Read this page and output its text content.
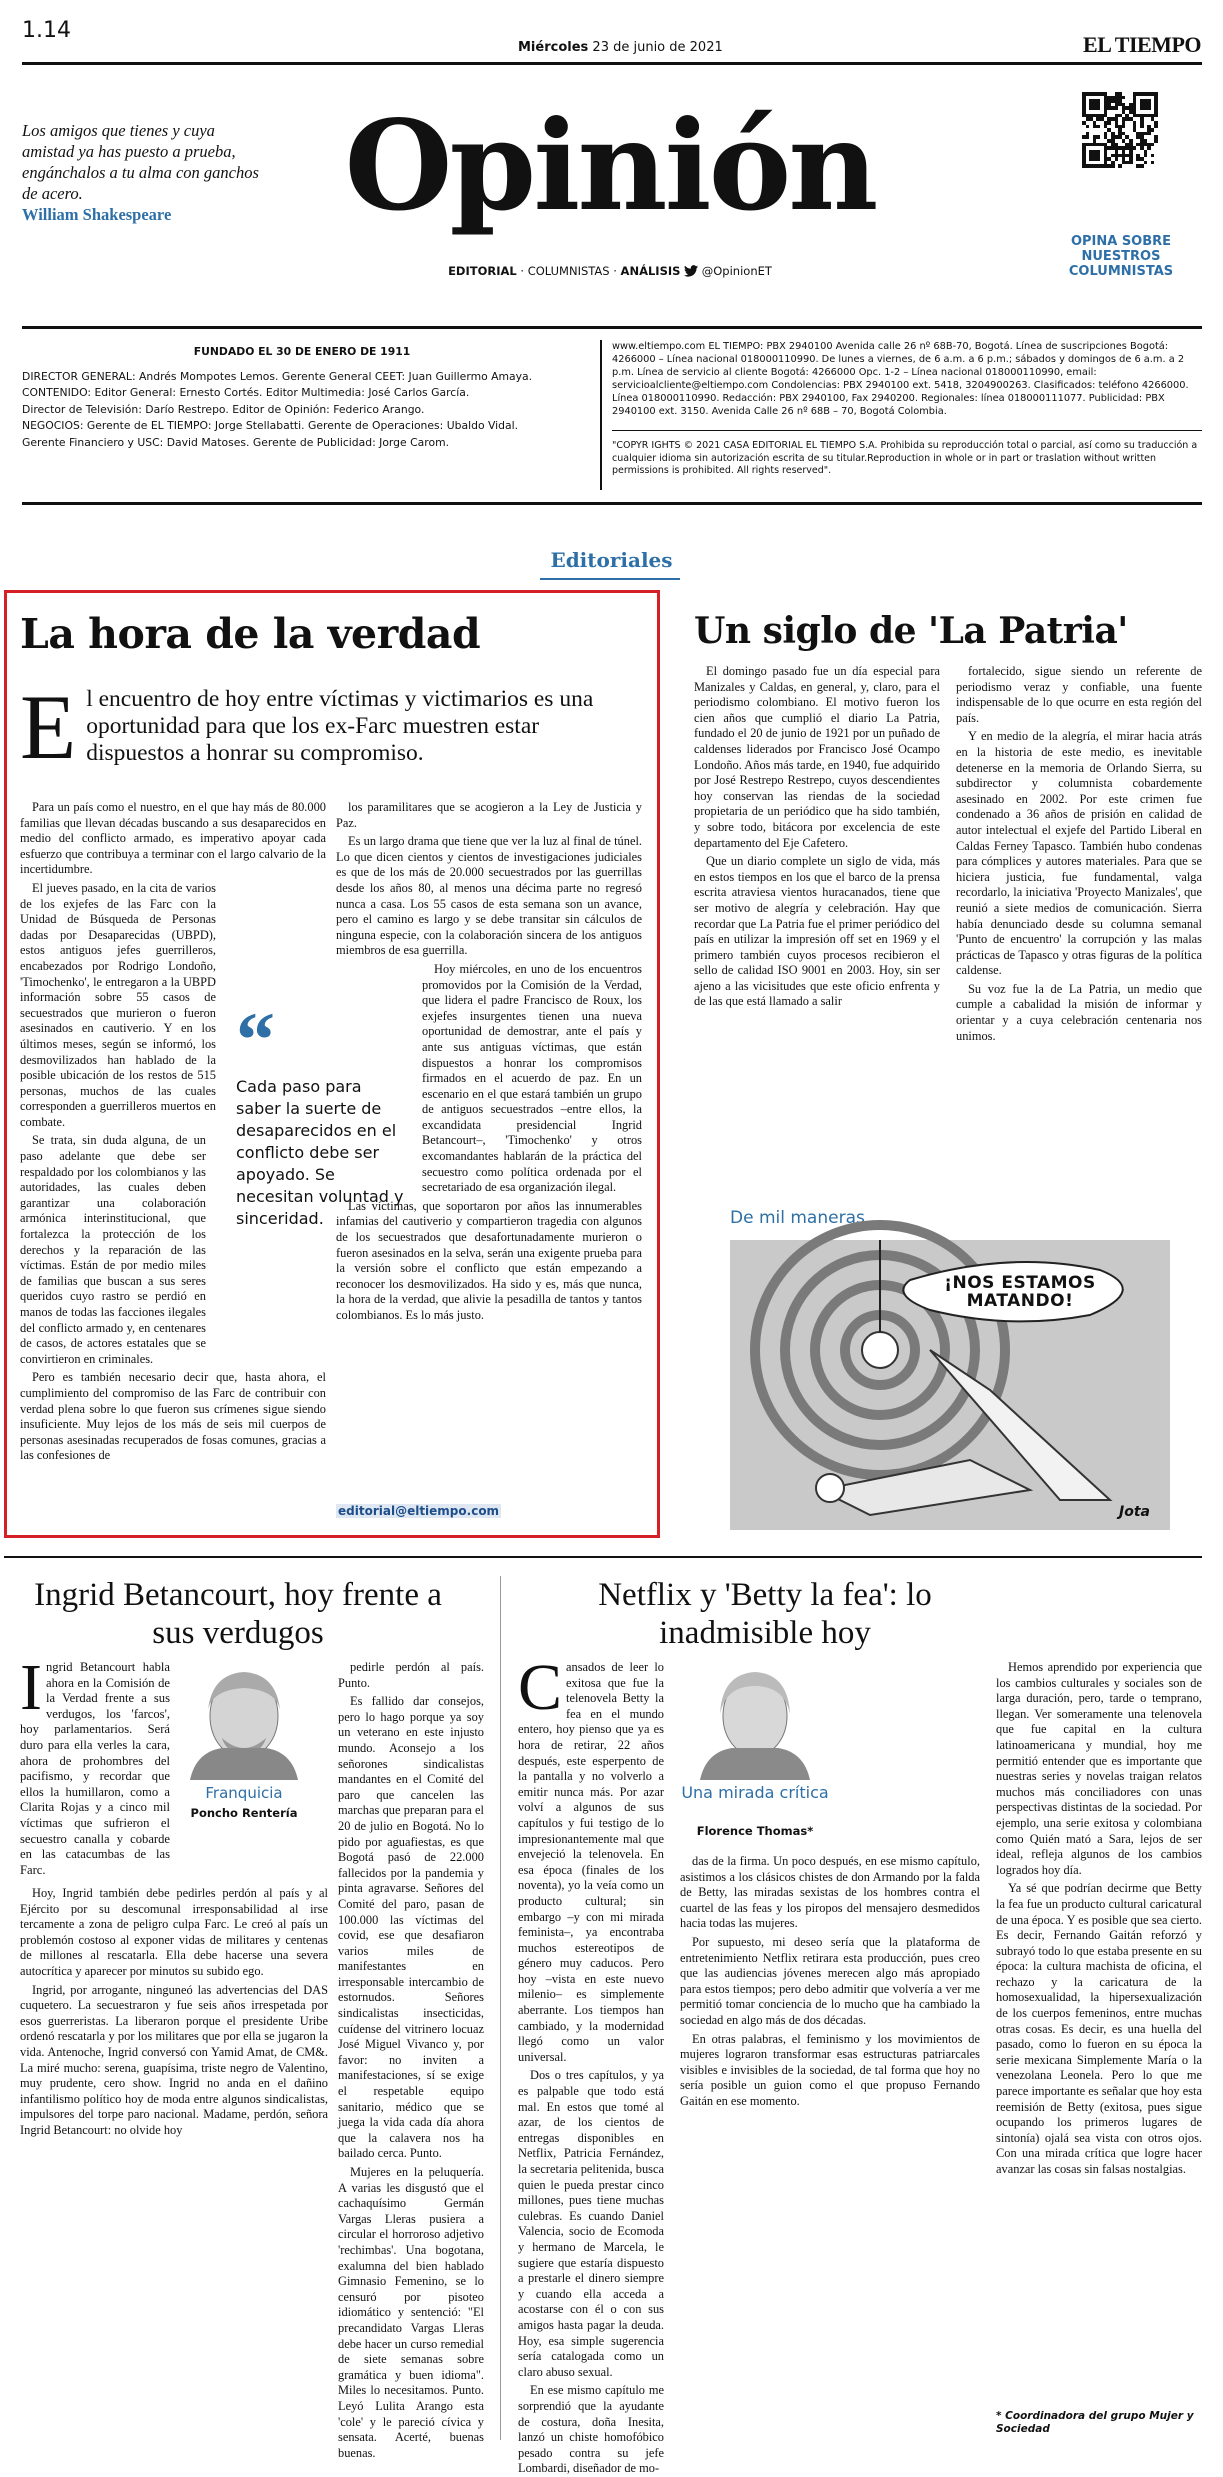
1.14
Miércoles 23 de junio de 2021	EL TIEMPO
Los amigos que tienes y cuya amistad ya has puesto a prueba, engánchalos a tu alma con ganchos de acero.
William Shakespeare	Opinión
EDITORIAL · COLUMNISTAS · ANÁLISIS @OpinionET
OPINA SOBRE NUESTROS COLUMNISTAS
FUNDADO EL 30 DE ENERO DE 1911
DIRECTOR GENERAL: Andrés Mompotes Lemos. Gerente General CEET: Juan Guillermo Amaya.
CONTENIDO: Editor General: Ernesto Cortés. Editor Multimedia: José Carlos García.
Director de Televisión: Darío Restrepo. Editor de Opinión: Federico Arango.
NEGOCIOS: Gerente de EL TIEMPO: Jorge Stellabatti. Gerente de Operaciones: Ubaldo Vidal.
Gerente Financiero y USC: David Matoses. Gerente de Publicidad: Jorge Carom.
www.eltiempo.com EL TIEMPO: PBX 2940100 Avenida calle 26 nº 68B-70, Bogotá. Línea de suscripciones Bogotá: 4266000 – Línea nacional 018000110990. De lunes a viernes, de 6 a.m. a 6 p.m.; sábados y domingos de 6 a.m. a 2 p.m. Línea de servicio al cliente Bogotá: 4266000 Opc. 1-2 – Línea nacional 018000110990, email: servicioalcliente@eltiempo.com Condolencias: PBX 2940100 ext. 5418, 3204900263. Clasificados: teléfono 4266000. Línea 018000110990. Redacción: PBX 2940100, Fax 2940200. Regionales: línea 018000111077. Publicidad: PBX 2940100 ext. 3150. Avenida Calle 26 nº 68B – 70, Bogotá Colombia.
"COPYR IGHTS © 2021 CASA EDITORIAL EL TIEMPO S.A. Prohibida su reproducción total o parcial, así como su traducción a cualquier idioma sin autorización escrita de su titular.Reproduction in whole or in part or traslation without written permissions is prohibited. All rights reserved".
Editoriales
La hora de la verdad
E l encuentro de hoy entre víctimas y victimarios es una oportunidad para que los ex-Farc muestren estar dispuestos a honrar su compromiso.

Para un país como el nuestro, en el que hay más de 80.000 familias que llevan décadas buscando a sus desaparecidos en medio del conflicto armado, es imperativo apoyar cada esfuerzo que contribuya a terminar con el largo calvario de la incertidumbre.

El jueves pasado, en la cita de varios de los exjefes de las Farc con la Unidad de Búsqueda de Personas dadas por Desaparecidas (UBPD), estos antiguos jefes guerrilleros, encabezados por Rodrigo Londoño, 'Timochenko', le entregaron a la UBPD información sobre 55 casos de secuestrados que murieron o fueron asesinados en cautiverio. Y en los últimos meses, según se informó, los desmovilizados han hablado de la posible ubicación de los restos de 515 personas, muchos de las cuales corresponden a guerrilleros muertos en combate.

Se trata, sin duda alguna, de un paso adelante que debe ser respaldado por los colombianos y las autoridades, las cuales deben garantizar una colaboración armónica interinstitucional, que fortalezca la protección de los derechos y la reparación de las víctimas. Están de por medio miles de familias que buscan a sus seres queridos cuyo rastro se perdió en manos de todas las facciones ilegales del conflicto armado y, en centenares de casos, de actores estatales que se convirtieron en criminales.

Pero es también necesario decir que, hasta ahora, el cumplimiento del compromiso de las Farc de contribuir con verdad plena sobre lo que fueron sus crímenes sigue siendo insuficiente. Muy lejos de los más de seis mil cuerpos de personas asesinadas recuperados de fosas comunes, gracias a las confesiones de

“
Cada paso para saber la suerte de desaparecidos en el conflicto debe ser apoyado. Se necesitan voluntad y sinceridad.

los paramilitares que se acogieron a la Ley de Justicia y Paz.

Es un largo drama que tiene que ver la luz al final de túnel. Lo que dicen cientos y cientos de investigaciones judiciales es que de los más de 20.000 secuestrados por las guerrillas desde los años 80, al menos una décima parte no regresó nunca a casa. Los 55 casos de esta semana son un avance, pero el camino es largo y se debe transitar sin cálculos de ninguna especie, con la colaboración sincera de los antiguos miembros de esa guerrilla.

Hoy miércoles, en uno de los encuentros promovidos por la Comisión de la Verdad, que lidera el padre Francisco de Roux, los exjefes insurgentes tienen una nueva oportunidad de demostrar, ante el país y ante sus antiguas víctimas, que están dispuestos a honrar los compromisos firmados en el acuerdo de paz. En un escenario en el que estará también un grupo de antiguos secuestrados –entre ellos, la excandidata presidencial Ingrid Betancourt–, 'Timochenko' y otros excomandantes hablarán de la práctica del secuestro como política ordenada por el secretariado de esa organización ilegal.

Las víctimas, que soportaron por años las innumerables infamias del cautiverio y compartieron tragedia con algunos de los secuestrados que desafortunadamente murieron o fueron asesinados en la selva, serán una exigente prueba para la versión sobre el conflicto que están empezando a reconocer los desmovilizados. Ha sido y es, más que nunca, la hora de la verdad, que alivie la pesadilla de tantos y tantos colombianos. Es lo más justo.

editorial@eltiempo.com
Un siglo de 'La Patria'

El domingo pasado fue un día especial para Manizales y Caldas, en general, y, claro, para el periodismo colombiano. El motivo fueron los cien años que cumplió el diario La Patria, fundado el 20 de junio de 1921 por un puñado de caldenses liderados por Francisco José Ocampo Londoño. Años más tarde, en 1940, fue adquirido por José Restrepo Restrepo, cuyos descendientes hoy conservan las riendas de la sociedad propietaria de un periódico que ha sido también, y sobre todo, bitácora por excelencia de este departamento del Eje Cafetero.

Que un diario complete un siglo de vida, más en estos tiempos en los que el barco de la prensa escrita atraviesa vientos huracanados, tiene que ser motivo de alegría y celebración. Hay que recordar que La Patria fue el primer periódico del país en utilizar la impresión off set en 1969 y el primero también cuyos procesos recibieron el sello de calidad ISO 9001 en 2003. Hoy, sin ser ajeno a las vicisitudes que este oficio enfrenta y de las que está llamado a salir

fortalecido, sigue siendo un referente de periodismo veraz y confiable, una fuente indispensable de lo que ocurre en esta región del país.

Y en medio de la alegría, el mirar hacia atrás en la historia de este medio, es inevitable detenerse en la memoria de Orlando Sierra, su subdirector y columnista cobardemente asesinado en 2002. Por este crimen fue condenado a 36 años de prisión en calidad de autor intelectual el exjefe del Partido Liberal en Caldas Ferney Tapasco. También hubo condenas para cómplices y autores materiales. Para que se hiciera justicia, fue fundamental, valga recordarlo, la iniciativa 'Proyecto Manizales', que reunió a siete medios de comunicación. Sierra había denunciado desde su columna semanal 'Punto de encuentro' la corrupción y las malas prácticas de Tapasco y otras figuras de la política caldense.

Su voz fue la de La Patria, un medio que cumple a cabalidad la misión de informar y orientar y a cuya celebración centenaria nos unimos.

De mil maneras
¡NOS ESTAMOS MATANDO!
Jota
Ingrid Betancourt, hoy frente a sus verdugos
I ngrid Betancourt habla ahora en la Comisión de la Verdad frente a sus verdugos, los 'farcos', hoy parlamentarios. Será duro para ella verles la cara, ahora de prohombres del pacifismo, y recordar que ellos la humillaron, como a Clarita Rojas y a cinco mil víctimas que sufrieron el secuestro canalla y cobarde en las catacumbas de las Farc.

Hoy, Ingrid también debe pedirles perdón al país y al Ejército por su descomunal irresponsabilidad al irse tercamente a zona de peligro culpa Farc. Le creó al país un problemón costoso al exponer vidas de militares y centenas de millones al rescatarla. Ella debe hacerse una severa autocrítica y aparecer por minutos su subido ego.

Ingrid, por arrogante, ninguneó las advertencias del DAS cuquetero. La secuestraron y fue seis años irrespetada por esos guerreristas. La liberaron porque el presidente Uribe ordenó rescatarla y por los militares que por ella se jugaron la vida. Antenoche, Ingrid conversó con Yamid Amat, de CM&. La miré mucho: serena, guapísima, triste negro de Valentino, muy prudente, cero show. Ingrid no anda en el dañino infantilismo político hoy de moda entre algunos sindicalistas, impulsores del torpe paro nacional. Madame, perdón, señora Ingrid Betancourt: no olvide hoy

Franquicia
Poncho Rentería

pedirle perdón al país. Punto.

Es fallido dar consejos, pero lo hago porque ya soy un veterano en este injusto mundo. Aconsejo a los señorones sindicalistas mandantes en el Comité del paro que cancelen las marchas que preparan para el 20 de julio en Bogotá. No lo pido por aguafiestas, es que Bogotá pasó de 22.000 fallecidos por la pandemia y pinta agravarse. Señores del Comité del paro, pasan de 100.000 las víctimas del covid, ese que desafiaron varios miles de manifestantes en irresponsable intercambio de estornudos. Señores sindicalistas insecticidas, cuídense del vitrinero locuaz José Miguel Vivanco y, por favor: no inviten a manifestaciones, sí se exige el respetable equipo sanitario, médico que se juega la vida cada día ahora que la calavera nos ha bailado cerca. Punto.

Mujeres en la peluquería. A varias les disgustó que el cachaquísimo Germán Vargas Lleras pusiera a circular el horroroso adjetivo 'rechimbas'. Una bogotana, exalumna del bien hablado Gimnasio Femenino, se lo censuró por pisoteo idiomático y sentenció: "El precandidato Vargas Lleras debe hacer un curso remedial de siete semanas sobre gramática y buen idioma". Miles lo necesitamos. Punto. Leyó Lulita Arango esta 'cole' y le pareció cívica y sensata. Acerté, buenas buenas.

Netflix y 'Betty la fea': lo inadmisible hoy
C ansados de leer lo exitosa que fue la telenovela Betty la fea en el mundo entero, hoy pienso que ya es hora de retirar, 22 años después, este esperpento de la pantalla y no volverlo a emitir nunca más. Por azar volví a algunos de sus capítulos y fui testigo de lo impresionantemente mal que envejeció la telenovela. En esa época (finales de los noventa), yo la veía como un producto cultural; sin embargo –y con mi mirada feminista–, ya encontraba muchos estereotipos de género muy caducos. Pero hoy –vista en este nuevo milenio– es simplemente aberrante. Los tiempos han cambiado, y la modernidad llegó como un valor universal.

Dos o tres capítulos, y ya es palpable que todo está mal. En estos que tomé al azar, de los cientos de entregas disponibles en Netflix, Patricia Fernández, la secretaria pelitenida, busca quien le pueda prestar cinco millones, pues tiene muchas culebras. Es cuando Daniel Valencia, socio de Ecomoda y hermano de Marcela, le sugiere que estaría dispuesto a prestarle el dinero siempre y cuando ella acceda a acostarse con él o con sus amigos hasta pagar la deuda. Hoy, esa simple sugerencia sería catalogada como un claro abuso sexual.

En ese mismo capítulo me sorprendió que la ayudante de costura, doña Inesita, lanzó un chiste homofóbico pesado contra su jefe Lombardi, diseñador de mo-

Una mirada crítica
Florence Thomas*

das de la firma. Un poco después, en ese mismo capítulo, asistimos a los clásicos chistes de don Armando por la falda de Betty, las miradas sexistas de los hombres contra el cuartel de las feas y los piropos del mensajero desmedidos hacia todas las mujeres.

Por supuesto, mi deseo sería que la plataforma de entretenimiento Netflix retirara esta producción, pues creo que las audiencias jóvenes merecen algo más apropiado para estos tiempos; pero debo admitir que volvería a ver me permitió tomar conciencia de lo mucho que ha cambiado la sociedad en algo más de dos décadas.

En otras palabras, el feminismo y los movimientos de mujeres lograron transformar esas estructuras patriarcales visibles e invisibles de la sociedad, de tal forma que hoy no sería posible un guion como el que propuso Fernando Gaitán en ese momento.

Hemos aprendido por experiencia que los cambios culturales y sociales son de larga duración, pero, tarde o temprano, llegan. Ver someramente una telenovela que fue capital en la cultura latinoamericana y mundial, hoy me permitió entender que es importante que nuestras series y novelas traigan relatos muchos más conciliadores con unas perspectivas distintas de la sociedad. Por ejemplo, una serie exitosa y colombiana como Quién mató a Sara, lejos de ser ideal, refleja algunos de los cambios logrados hoy día.

Ya sé que podrían decirme que Betty la fea fue un producto cultural caricatural de una época. Y es posible que sea cierto. Es decir, Fernando Gaitán reforzó y subrayó todo lo que estaba presente en su época: la cultura machista de oficina, el rechazo y la caricatura de la homosexualidad, la hipersexualización de los cuerpos femeninos, entre muchas otras cosas. Es decir, es una huella del pasado, como lo fueron en su época la serie mexicana Simplemente María o la venezolana Leonela. Pero lo que me parece importante es señalar que hoy esta reemisión de Betty (exitosa, pues sigue ocupando los primeros lugares de sintonía) ojalá sea vista con otros ojos. Con una mirada crítica que logre hacer avanzar las cosas sin falsas nostalgias.

* Coordinadora del grupo Mujer y Sociedad
